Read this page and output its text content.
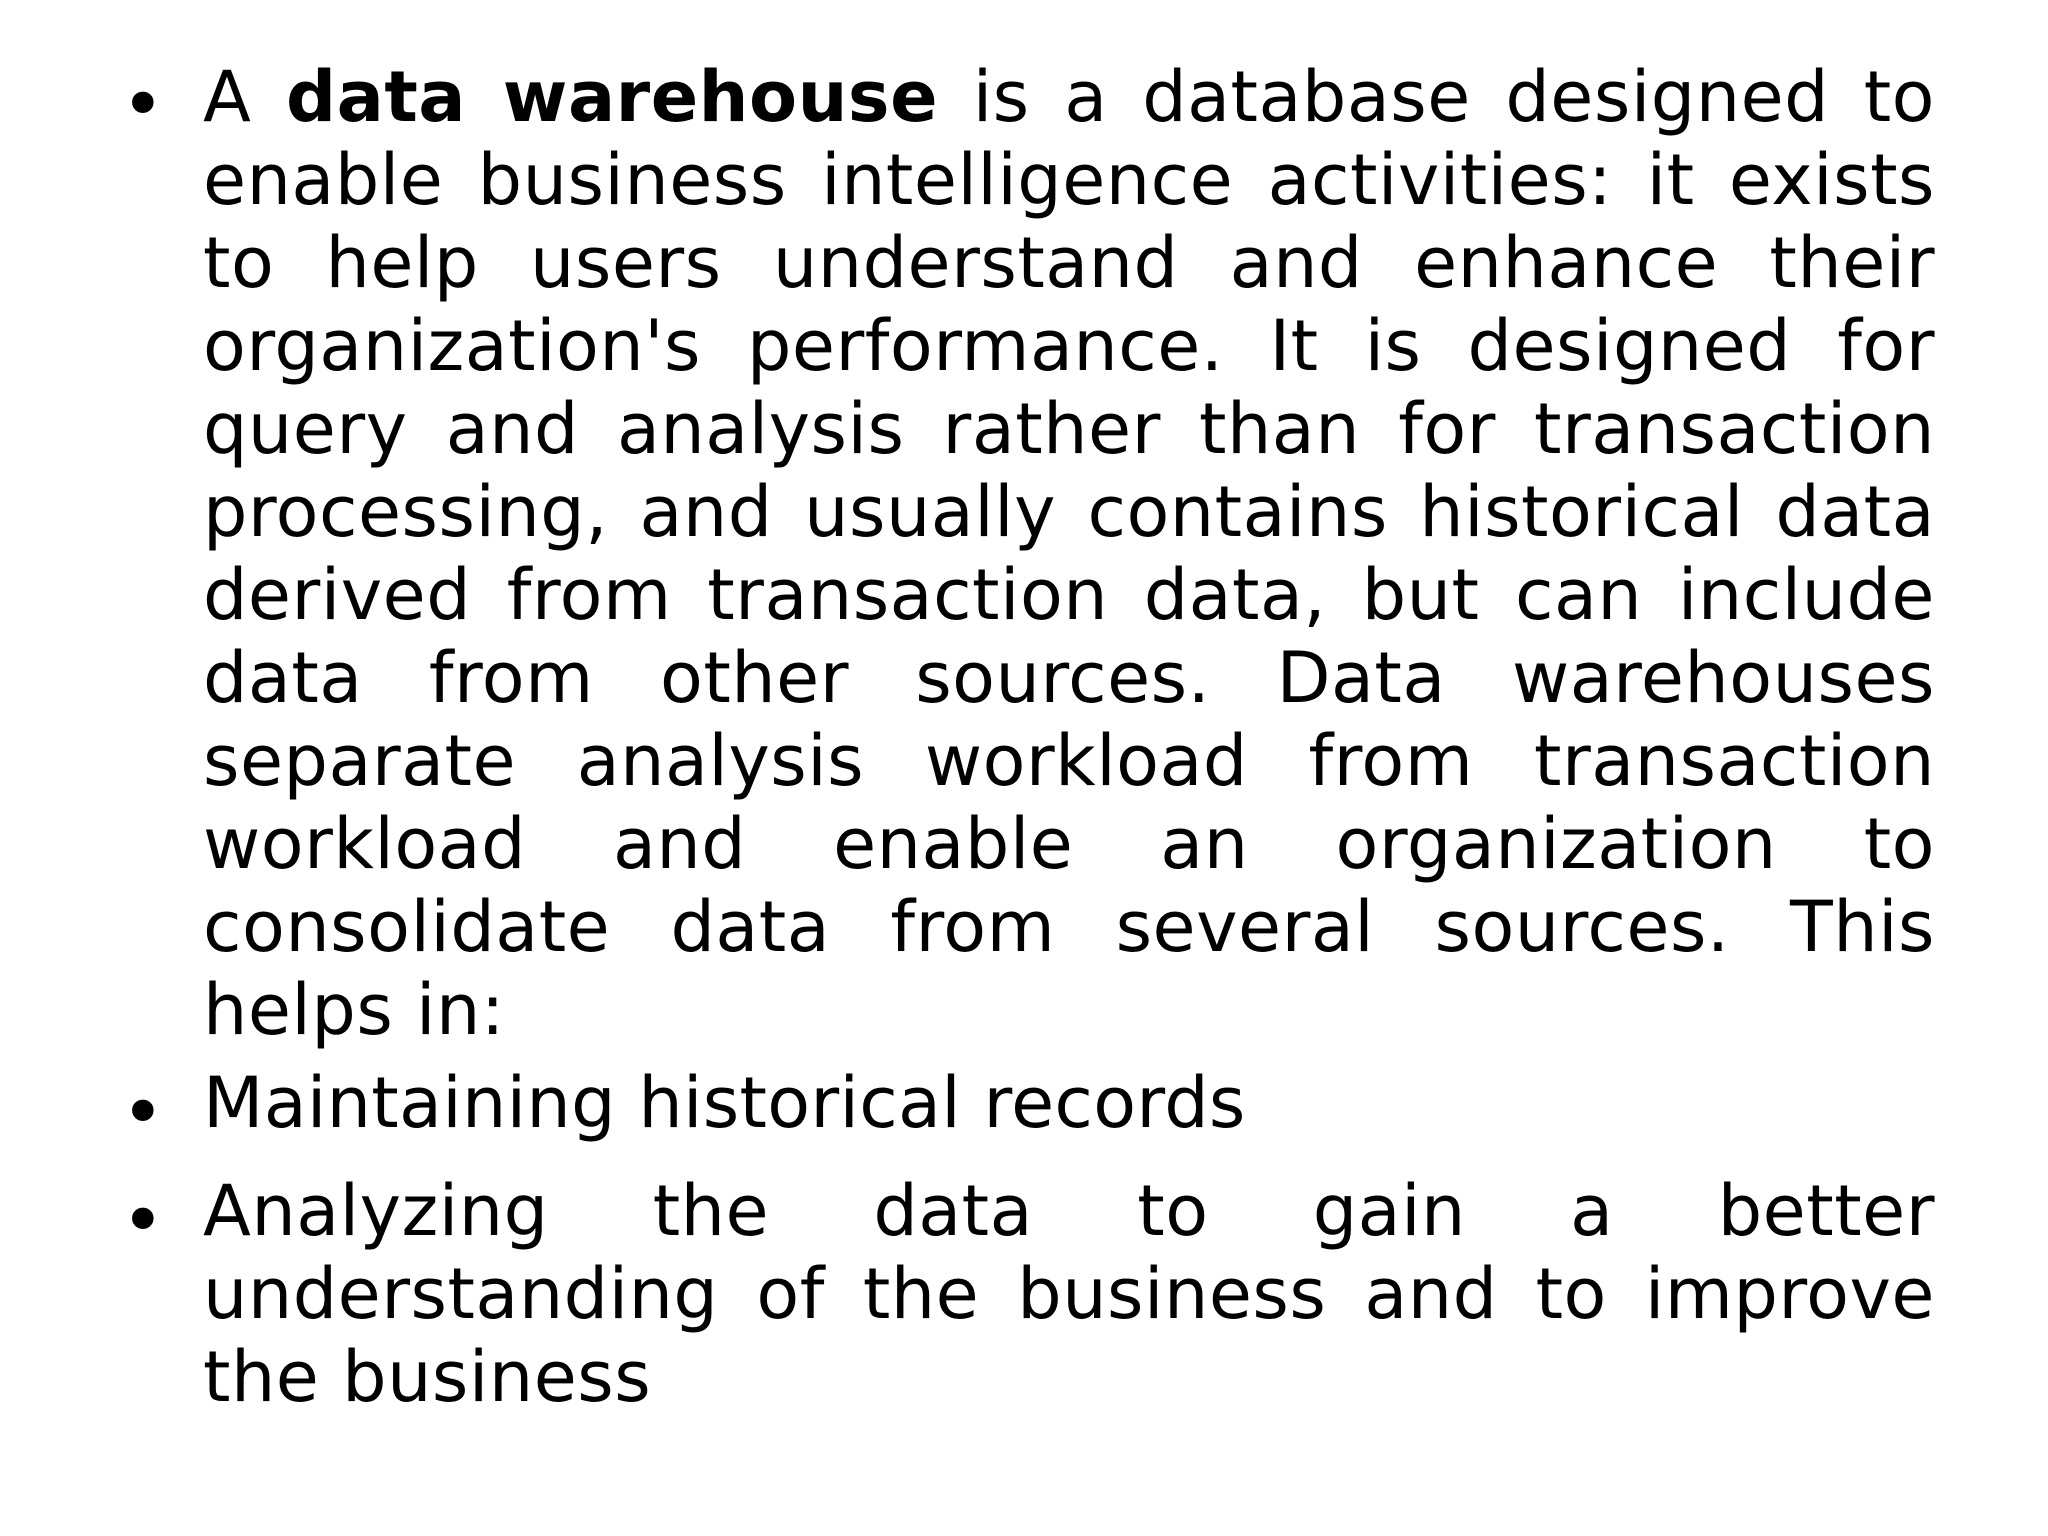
• A data warehouse is a database designed to enable business intelligence activities: it exists to help users understand and enhance their organization's performance. It is designed for query and analysis rather than for transaction processing, and usually contains historical data derived from transaction data, but can include data from other sources. Data warehouses separate analysis workload from transaction workload and enable an organization to consolidate data from several sources. This helps in:
• Maintaining historical records
• Analyzing the data to gain a better understanding of the business and to improve the business
